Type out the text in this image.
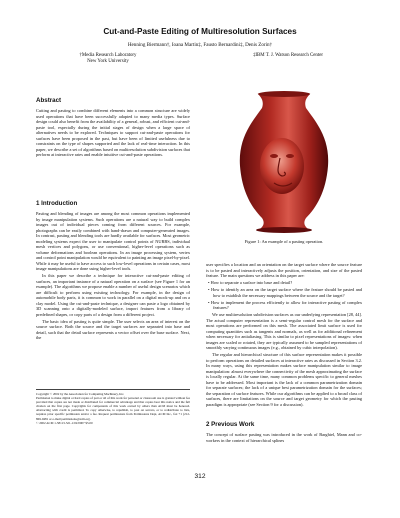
Cut-and-Paste Editing of Multiresolution Surfaces
Henning Biermann†, Ioana Martin‡, Fausto Bernardini‡, Denis Zorin†
†Media Research Laboratory
New York University
‡IBM T. J. Watson Research Center
Abstract
Cutting and pasting to combine different elements into a common structure are widely used operations that have been successfully adapted to many media types. Surface design could also benefit from the availability of a general, robust, and efficient cut-and-paste tool, especially during the initial stages of design when a large space of alternatives needs to be explored. Techniques to support cut-and-paste operations for surfaces have been proposed in the past, but have been of limited usefulness due to constraints on the type of shapes supported and the lack of real-time interaction. In this paper, we describe a set of algorithms based on multiresolution subdivision surfaces that perform at interactive rates and enable intuitive cut-and-paste operations.
1 Introduction

Pasting and blending of images are among the most common operations implemented by image manipulation systems. Such operations are a natural way to build complex images out of individual pieces coming from different sources. For example, photographs can be easily combined with hand-drawn and computer-generated images. In contrast, pasting and blending tools are hardly available for surfaces. Most geometric modeling systems expect the user to manipulate control points of NURBS, individual mesh vertices and polygons, or use conventional, higher-level operations such as volume deformations and boolean operations. In an image processing system, vertex and control point manipulation would be equivalent to painting an image pixel-by-pixel. While it may be useful to have access to such low-level operations in certain cases, most image manipulations are done using higher-level tools.

In this paper we describe a technique for interactive cut-and-paste editing of surfaces, an important instance of a natural operation on a surface (see Figure 1 for an example). The algorithms we propose enable a number of useful design scenarios which are difficult to perform using existing technology. For example, in the design of automobile body parts, it is common to work in parallel on a digital mock-up and on a clay model. Using the cut-and-paste technique, a designer can paste a logo obtained by 3D scanning onto a digitally-modeled surface, import features from a library of predefined shapes, or copy parts of a design from a different project.

The basic idea of pasting is quite simple. The user selects an area of interest on the source surface. Both the source and the target surfaces are separated into base and detail, such that the detail surface represents a vector offset over the base surface. Next, the

Copyright © 2002 by the Association for Computing Machinery, Inc.

Permission to make digital or hard copies of part or all of this work for personal or classroom use is granted without fee provided that copies are not made or distributed for commercial advantage and that copies bear this notice and the full citation on the first page. Copyrights for components of this work owned by others than ACM must be honored. Abstracting with credit is permitted. To copy otherwise, to republish, to post on servers, or to redistribute to lists, requires prior specific permission and/or a fee. Request permissions from Permissions Dept, ACM Inc., fax +1 (212-869-0481 or e-mail permissions@acm.org.

© 2002 ACM 1-58113-521-1/02/0007 $5.00

Figure 1: An example of a pasting operation.

user specifies a location and an orientation on the target surface where the source feature is to be pasted and interactively adjusts the position, orientation, and size of the pasted feature. The main questions we address in this paper are:

• How to separate a surface into base and detail?

• How to identify an area on the target surface where the feature should be pasted and how to establish the necessary mappings between the source and the target?

• How to implement the process efficiently to allow for interactive pasting of complex features?

We use multiresolution subdivision surfaces as our underlying representation [28, 44]. The actual computer representation is a semi-regular control mesh for the surface and most operations are performed on this mesh. The associated limit surface is used for computing quantities such as tangents and normals, as well as for additional refinement when necessary for antialiasing. This is similar to pixel representations of images: when images are scaled or rotated, they are typically assumed to be sampled representations of smoothly varying continuous images (e.g., obtained by cubic interpolation).

The regular and hierarchical structure of this surface representation makes it possible to perform operations on detailed surfaces at interactive rates as discussed in Section 3.2. In many ways, using this representation makes surface manipulation similar to image manipulation: almost everywhere the connectivity of the mesh approximating the surface is locally regular. At the same time, many common problems specific to general meshes have to be addressed. Most important is the lack of a common parametrization domain for separate surfaces; the lack of a unique best parametrization domain for the surfaces; the separation of surface features. While our algorithms can be applied to a broad class of surfaces, there are limitations on the source and target geometry for which the pasting paradigm is appropriate (see Section 9 for a discussion).

2 Previous Work

The concept of surface pasting was introduced in the work of Barghiel, Mann and co-workers in the context of hierarchical splines

312
